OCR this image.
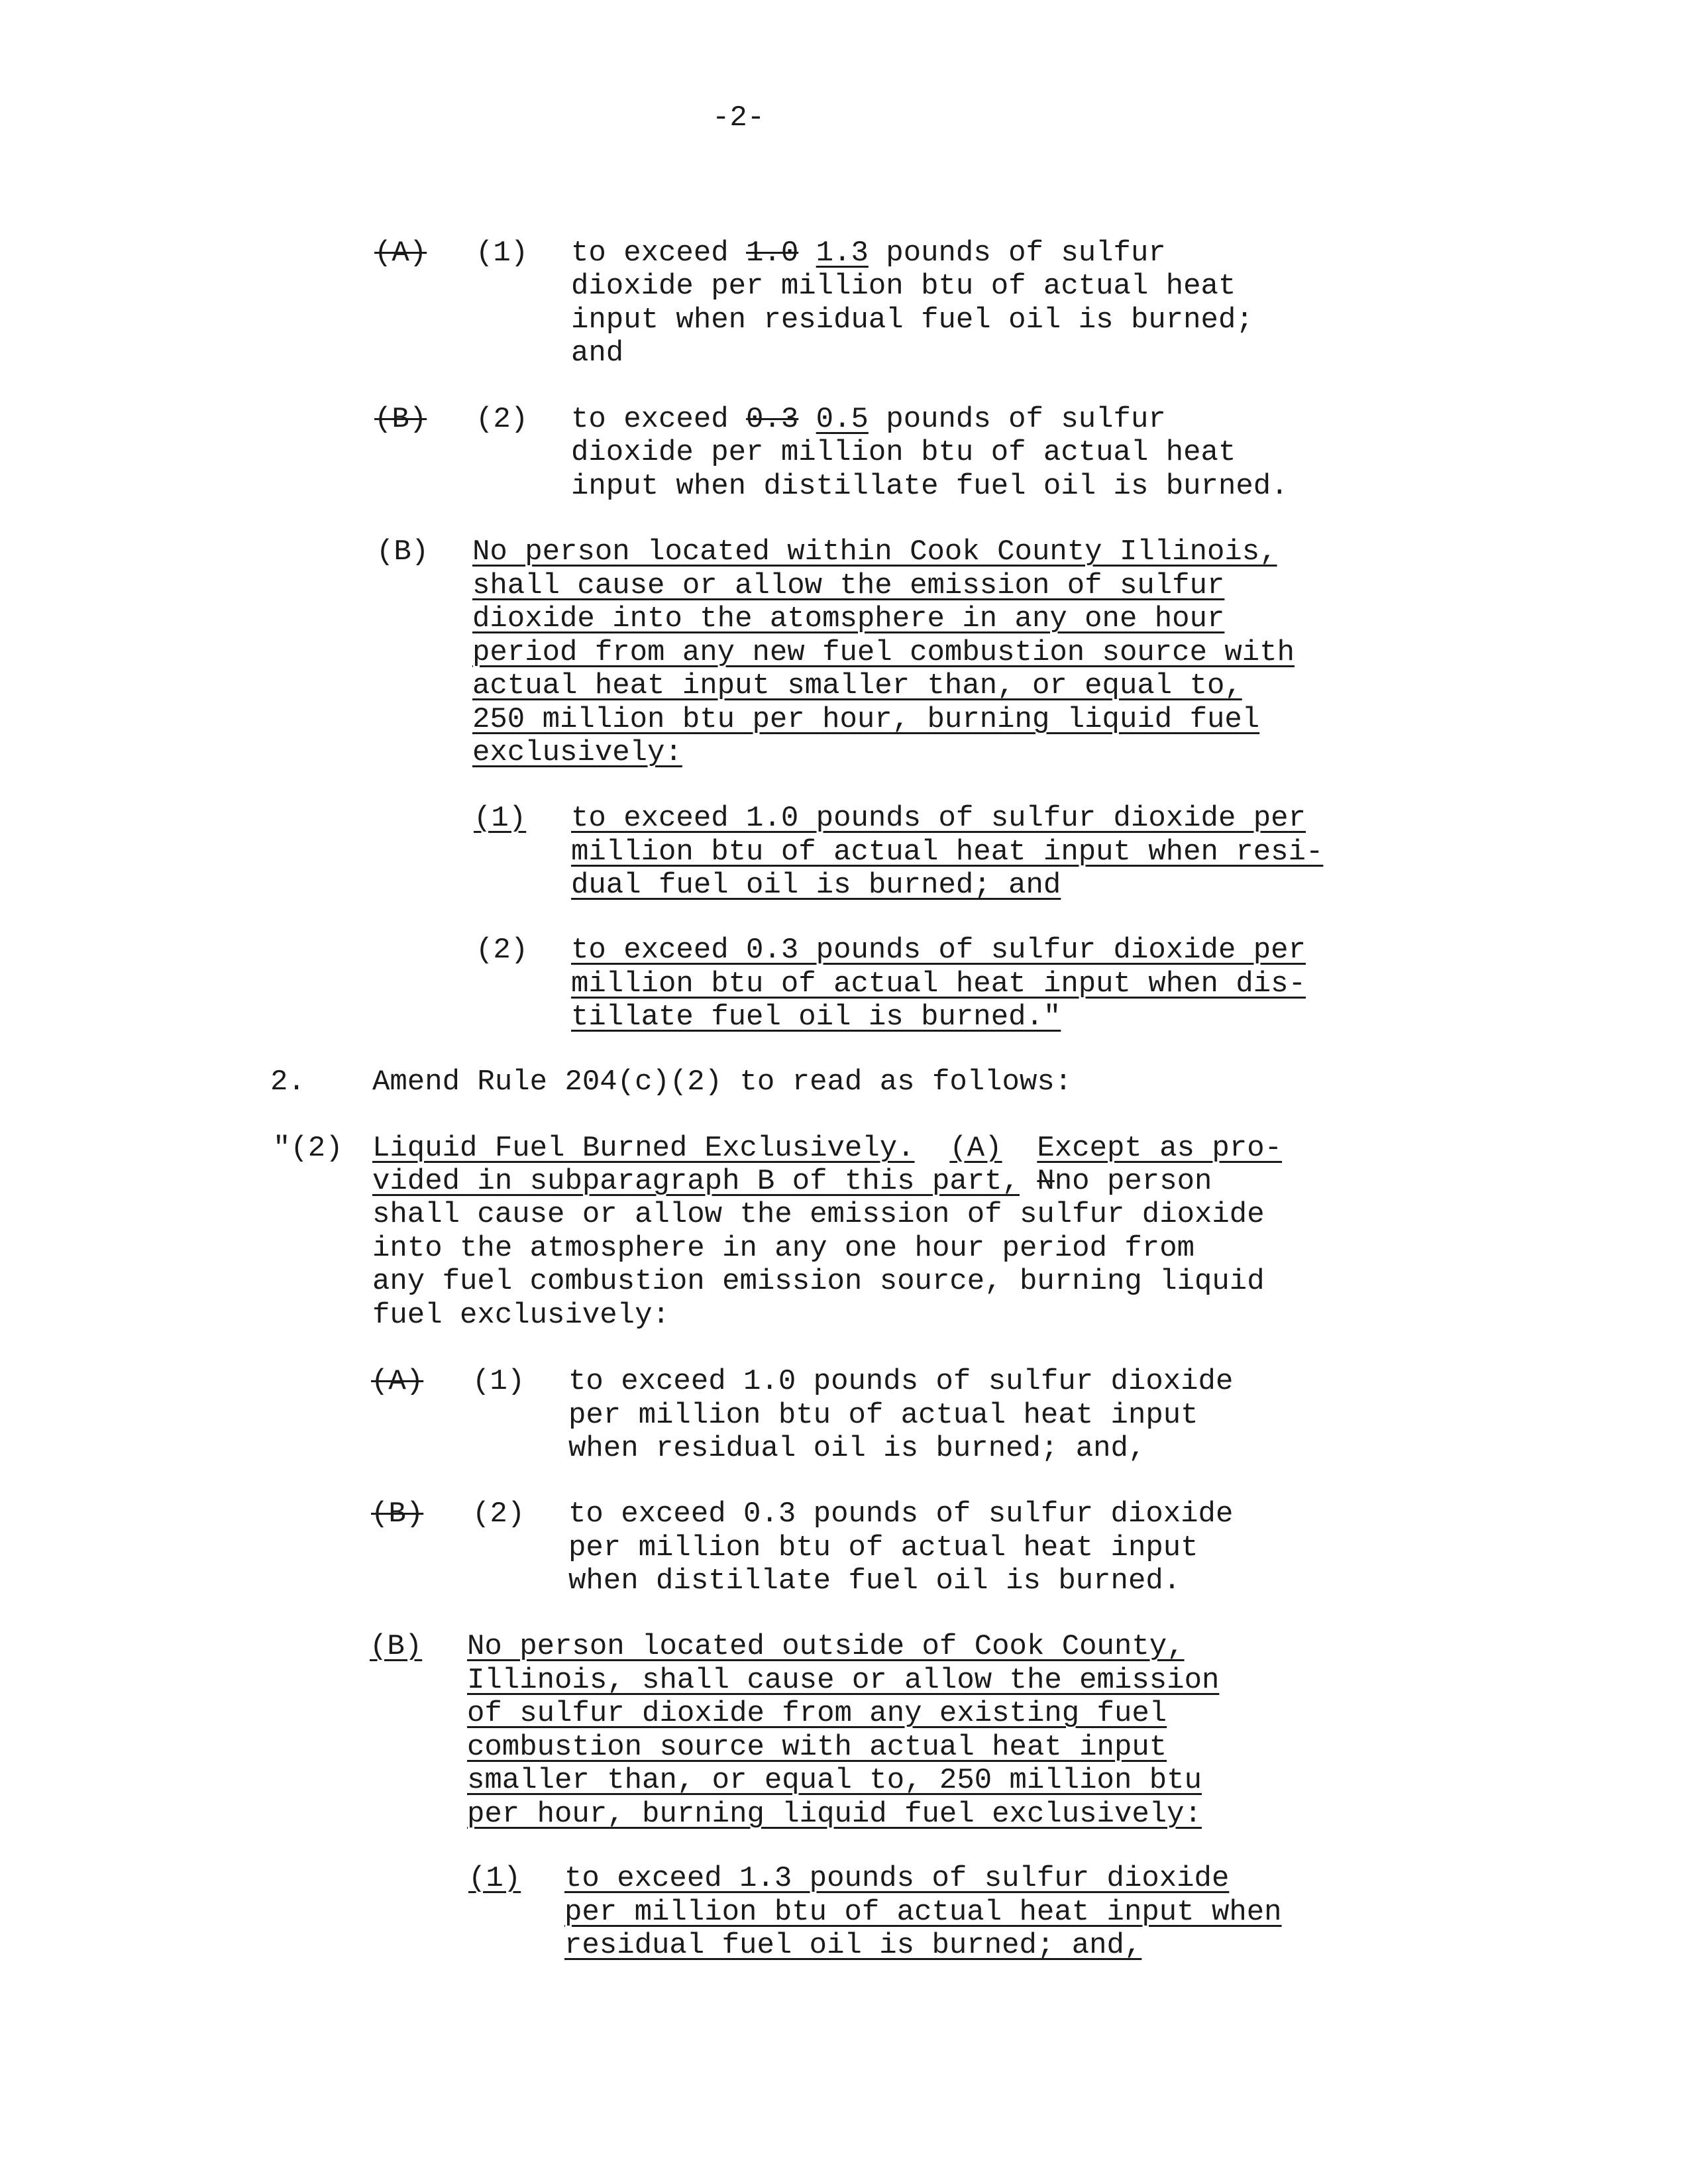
-2-
(A) (1) to exceed 1.0 1.3 pounds of sulfur
dioxide per million btu of actual heat
input when residual fuel oil is burned;
and
(B) (2) to exceed 0.3 0.5 pounds of sulfur
dioxide per million btu of actual heat
input when distillate fuel oil is burned.
(B) No person located within Cook County Illinois,
shall cause or allow the emission of sulfur
dioxide into the atomsphere in any one hour
period from any new fuel combustion source with
actual heat input smaller than, or equal to,
250 million btu per hour, burning liquid fuel
exclusively:
(1) to exceed 1.0 pounds of sulfur dioxide per
million btu of actual heat input when resi-
dual fuel oil is burned; and
(2) to exceed 0.3 pounds of sulfur dioxide per
million btu of actual heat input when dis-
tillate fuel oil is burned."
2. Amend Rule 204(c)(2) to read as follows:
"(2) Liquid Fuel Burned Exclusively. (A) Except as pro-
vided in subparagraph B of this part, Nno person
shall cause or allow the emission of sulfur dioxide
into the atmosphere in any one hour period from
any fuel combustion emission source, burning liquid
fuel exclusively:
(A) (1) to exceed 1.0 pounds of sulfur dioxide
per million btu of actual heat input
when residual oil is burned; and,
(B) (2) to exceed 0.3 pounds of sulfur dioxide
per million btu of actual heat input
when distillate fuel oil is burned.
(B) No person located outside of Cook County,
Illinois, shall cause or allow the emission
of sulfur dioxide from any existing fuel
combustion source with actual heat input
smaller than, or equal to, 250 million btu
per hour, burning liquid fuel exclusively:
(1) to exceed 1.3 pounds of sulfur dioxide
per million btu of actual heat input when
residual fuel oil is burned; and,
